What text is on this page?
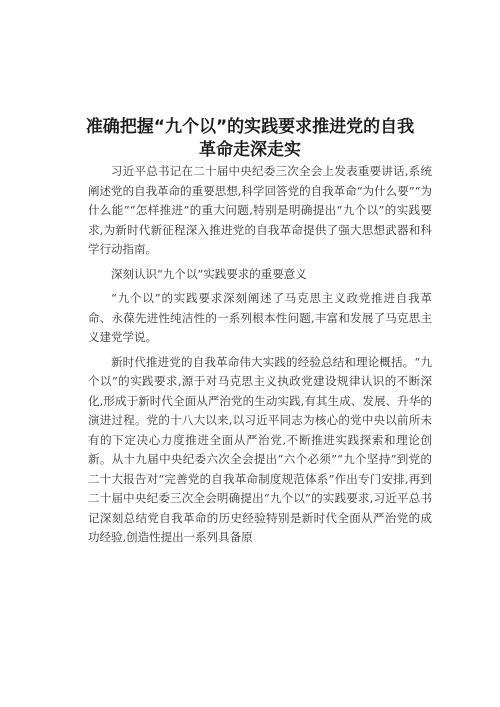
准确把握“九个以”的实践要求推进党的自我
革命走深走实

习近平总书记在二十届中央纪委三次全会上发表重要讲话,系统阐述党的自我革命的重要思想,科学回答党的自我革命“为什么要”“为什么能”“怎样推进”的重大问题,特别是明确提出“九个以”的实践要求,为新时代新征程深入推进党的自我革命提供了强大思想武器和科学行动指南。

深刻认识“九个以”实践要求的重要意义

“九个以”的实践要求深刻阐述了马克思主义政党推进自我革命、永葆先进性纯洁性的一系列根本性问题,丰富和发展了马克思主义建党学说。

新时代推进党的自我革命伟大实践的经验总结和理论概括。“九个以”的实践要求,源于对马克思主义执政党建设规律认识的不断深化,形成于新时代全面从严治党的生动实践,有其生成、发展、升华的演进过程。党的十八大以来,以习近平同志为核心的党中央以前所未有的下定决心力度推进全面从严治党,不断推进实践探索和理论创新。从十九届中央纪委六次全会提出“六个必须”“九个坚持”到党的二十大报告对“完善党的自我革命制度规范体系”作出专门安排,再到二十届中央纪委三次全会明确提出“九个以”的实践要求,习近平总书记深刻总结党自我革命的历史经验特别是新时代全面从严治党的成功经验,创造性提出一系列具备原
